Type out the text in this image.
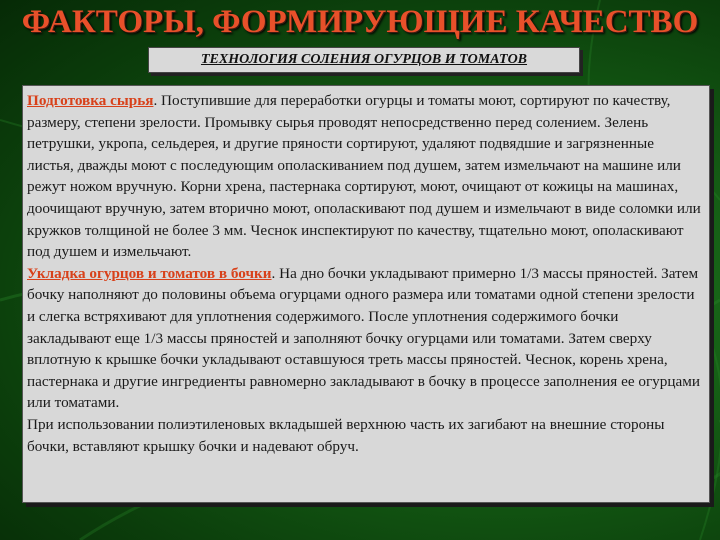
ФАКТОРЫ, ФОРМИРУЮЩИЕ КАЧЕСТВО
ТЕХНОЛОГИЯ СОЛЕНИЯ ОГУРЦОВ И ТОМАТОВ

Подготовка сырья. Поступившие для переработки огурцы и томаты моют, сортируют по качеству, размеру, степени зрелости. Промывку сырья проводят непосредственно перед солением. Зелень петрушки, укропа, сельдерея, и другие пряности сортируют, удаляют подвядшие и загрязненные листья, дважды моют с последующим ополаскиванием под душем, затем измельчают на машине или режут ножом вручную. Корни хрена, пастернака сортируют, моют, очищают от кожицы на машинах, доочищают вручную, затем вторично моют, ополаскивают под душем и измельчают в виде соломки или кружков толщиной не более 3 мм. Чеснок инспектируют по качеству, тщательно моют, ополаскивают под душем и измельчают.

Укладка огурцов и томатов в бочки. На дно бочки укладывают примерно 1/3 массы пряностей. Затем бочку наполняют до половины объема огурцами одного размера или томатами одной степени зрелости и слегка встряхивают для уплотнения содержимого. После уплотнения содержимого бочки закладывают еще 1/3 массы пряностей и заполняют бочку огурцами или томатами. Затем сверху вплотную к крышке бочки укладывают оставшуюся треть массы пряностей. Чеснок, корень хрена, пастернака и другие ингредиенты равномерно закладывают в бочку в процессе заполнения ее огурцами или томатами.

При использовании полиэтиленовых вкладышей верхнюю часть их загибают на внешние стороны бочки, вставляют крышку бочки и надевают обруч.
